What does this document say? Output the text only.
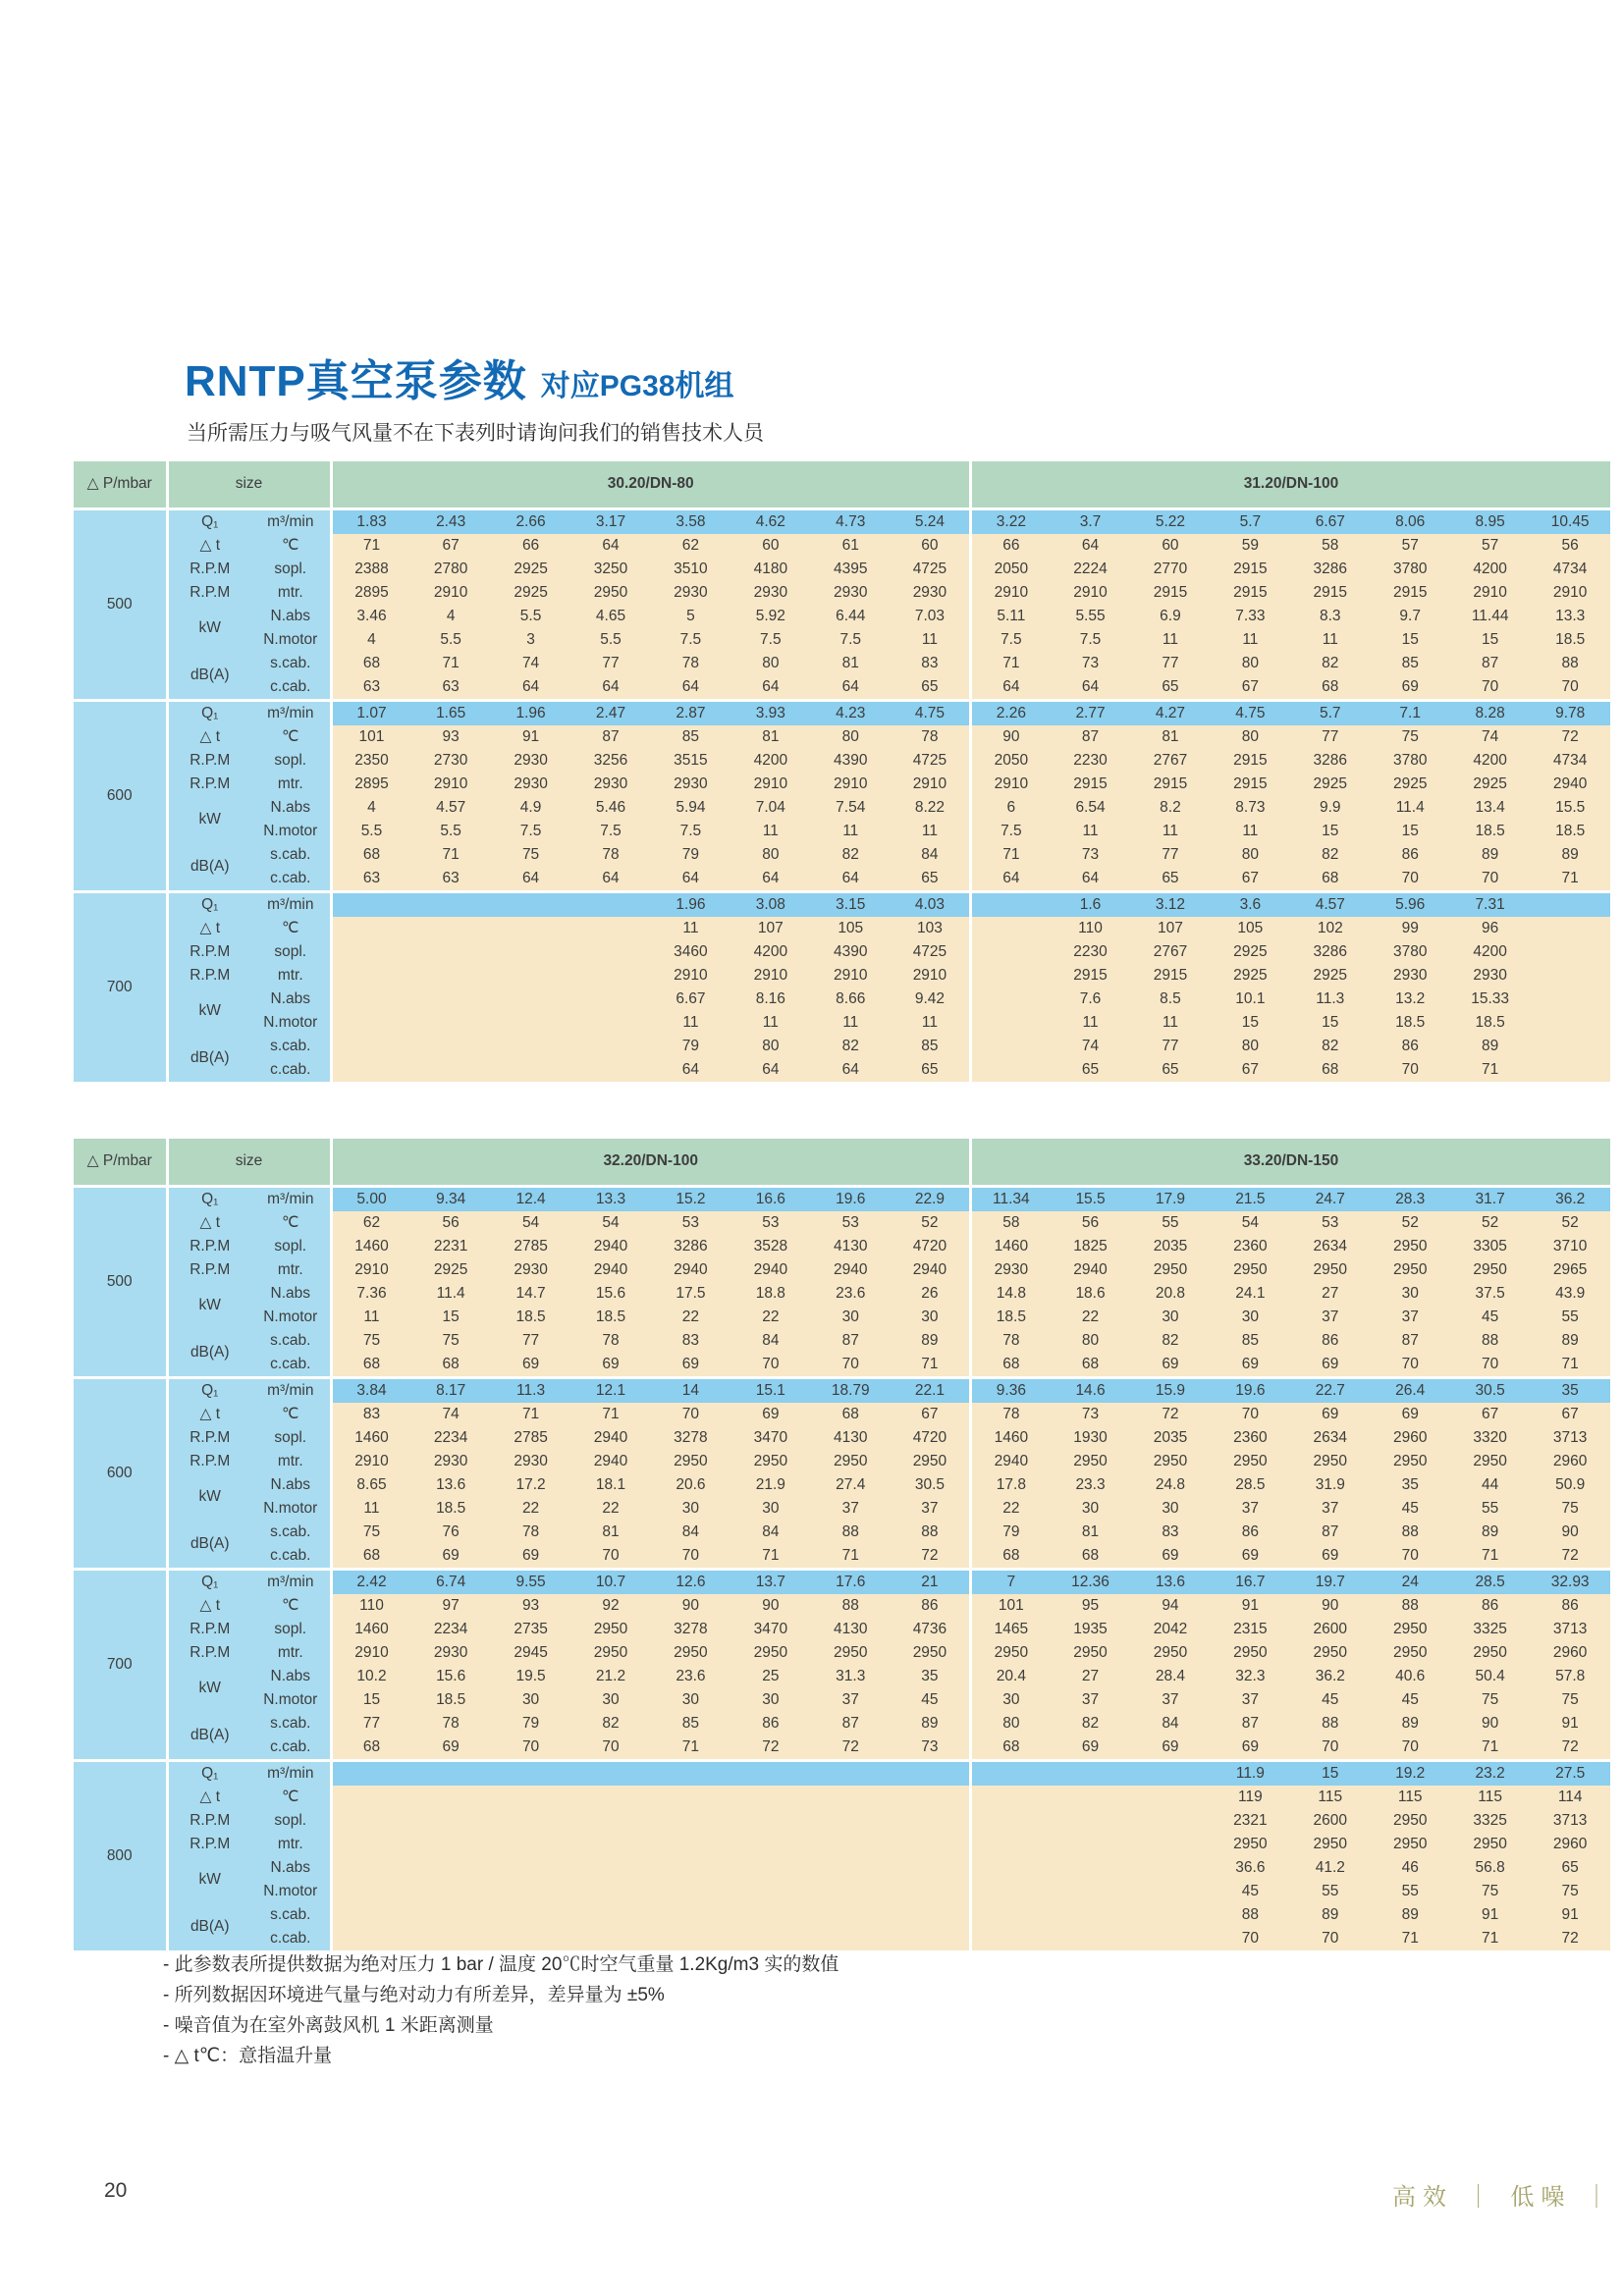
RNTP真空泵参数 对应PG38机组
当所需压力与吸气风量不在下表列时请询问我们的销售技术人员
△ P/mbar	size		30.20/DN-80								31.20/DN-100							
500	Q₁	m³/min	1.83	2.43	2.66	3.17	3.58	4.62	4.73	5.24	3.22	3.7	5.22	5.7	6.67	8.06	8.95	10.45
	△ t	℃	71	67	66	64	62	60	61	60	66	64	60	59	58	57	57	56
	R.P.M	sopl.	2388	2780	2925	3250	3510	4180	4395	4725	2050	2224	2770	2915	3286	3780	4200	4734
	R.P.M	mtr.	2895	2910	2925	2950	2930	2930	2930	2930	2910	2910	2915	2915	2915	2915	2910	2910
	kW	N.abs	3.46	4	5.5	4.65	5	5.92	6.44	7.03	5.11	5.55	6.9	7.33	8.3	9.7	11.44	13.3
		N.motor	4	5.5	3	5.5	7.5	7.5	7.5	11	7.5	7.5	11	11	11	15	15	18.5
	dB(A)	s.cab.	68	71	74	77	78	80	81	83	71	73	77	80	82	85	87	88
		c.cab.	63	63	64	64	64	64	64	65	64	64	65	67	68	69	70	70
600	Q₁	m³/min	1.07	1.65	1.96	2.47	2.87	3.93	4.23	4.75	2.26	2.77	4.27	4.75	5.7	7.1	8.28	9.78
	△ t	℃	101	93	91	87	85	81	80	78	90	87	81	80	77	75	74	72
	R.P.M	sopl.	2350	2730	2930	3256	3515	4200	4390	4725	2050	2230	2767	2915	3286	3780	4200	4734
	R.P.M	mtr.	2895	2910	2930	2930	2930	2910	2910	2910	2910	2915	2915	2915	2925	2925	2925	2940
	kW	N.abs	4	4.57	4.9	5.46	5.94	7.04	7.54	8.22	6	6.54	8.2	8.73	9.9	11.4	13.4	15.5
		N.motor	5.5	5.5	7.5	7.5	7.5	11	11	11	7.5	11	11	11	15	15	18.5	18.5
	dB(A)	s.cab.	68	71	75	78	79	80	82	84	71	73	77	80	82	86	89	89
		c.cab.	63	63	64	64	64	64	64	65	64	64	65	67	68	70	70	71
700	Q₁	m³/min					1.96	3.08	3.15	4.03		1.6	3.12	3.6	4.57	5.96	7.31	
	△ t	℃					11	107	105	103		110	107	105	102	99	96	
	R.P.M	sopl.					3460	4200	4390	4725		2230	2767	2925	3286	3780	4200	
	R.P.M	mtr.					2910	2910	2910	2910		2915	2915	2925	2925	2930	2930	
	kW	N.abs					6.67	8.16	8.66	9.42		7.6	8.5	10.1	11.3	13.2	15.33	
		N.motor					11	11	11	11		11	11	15	15	18.5	18.5	
	dB(A)	s.cab.					79	80	82	85		74	77	80	82	86	89	
		c.cab.					64	64	64	65		65	65	67	68	70	71	
△ P/mbar	size		32.20/DN-100								33.20/DN-150							
500	Q₁	m³/min	5.00	9.34	12.4	13.3	15.2	16.6	19.6	22.9	11.34	15.5	17.9	21.5	24.7	28.3	31.7	36.2
	△ t	℃	62	56	54	54	53	53	53	52	58	56	55	54	53	52	52	52
	R.P.M	sopl.	1460	2231	2785	2940	3286	3528	4130	4720	1460	1825	2035	2360	2634	2950	3305	3710
	R.P.M	mtr.	2910	2925	2930	2940	2940	2940	2940	2940	2930	2940	2950	2950	2950	2950	2950	2965
	kW	N.abs	7.36	11.4	14.7	15.6	17.5	18.8	23.6	26	14.8	18.6	20.8	24.1	27	30	37.5	43.9
		N.motor	11	15	18.5	18.5	22	22	30	30	18.5	22	30	30	37	37	45	55
	dB(A)	s.cab.	75	75	77	78	83	84	87	89	78	80	82	85	86	87	88	89
		c.cab.	68	68	69	69	69	70	70	71	68	68	69	69	69	70	70	71
600	Q₁	m³/min	3.84	8.17	11.3	12.1	14	15.1	18.79	22.1	9.36	14.6	15.9	19.6	22.7	26.4	30.5	35
	△ t	℃	83	74	71	71	70	69	68	67	78	73	72	70	69	69	67	67
	R.P.M	sopl.	1460	2234	2785	2940	3278	3470	4130	4720	1460	1930	2035	2360	2634	2960	3320	3713
	R.P.M	mtr.	2910	2930	2930	2940	2950	2950	2950	2950	2940	2950	2950	2950	2950	2950	2950	2960
	kW	N.abs	8.65	13.6	17.2	18.1	20.6	21.9	27.4	30.5	17.8	23.3	24.8	28.5	31.9	35	44	50.9
		N.motor	11	18.5	22	22	30	30	37	37	22	30	30	37	37	45	55	75
	dB(A)	s.cab.	75	76	78	81	84	84	88	88	79	81	83	86	87	88	89	90
		c.cab.	68	69	69	70	70	71	71	72	68	68	69	69	69	70	71	72
700	Q₁	m³/min	2.42	6.74	9.55	10.7	12.6	13.7	17.6	21	7	12.36	13.6	16.7	19.7	24	28.5	32.93
	△ t	℃	110	97	93	92	90	90	88	86	101	95	94	91	90	88	86	86
	R.P.M	sopl.	1460	2234	2735	2950	3278	3470	4130	4736	1465	1935	2042	2315	2600	2950	3325	3713
	R.P.M	mtr.	2910	2930	2945	2950	2950	2950	2950	2950	2950	2950	2950	2950	2950	2950	2950	2960
	kW	N.abs	10.2	15.6	19.5	21.2	23.6	25	31.3	35	20.4	27	28.4	32.3	36.2	40.6	50.4	57.8
		N.motor	15	18.5	30	30	30	30	37	45	30	37	37	37	45	45	75	75
	dB(A)	s.cab.	77	78	79	82	85	86	87	89	80	82	84	87	88	89	90	91
		c.cab.	68	69	70	70	71	72	72	73	68	69	69	69	70	70	71	72
800	Q₁	m³/min												11.9	15	19.2	23.2	27.5
	△ t	℃												119	115	115	115	114
	R.P.M	sopl.												2321	2600	2950	3325	3713
	R.P.M	mtr.												2950	2950	2950	2950	2960
	kW	N.abs												36.6	41.2	46	56.8	65
		N.motor												45	55	55	75	75
	dB(A)	s.cab.												88	89	89	91	91
		c.cab.												70	70	71	71	72
- 此参数表所提供数据为绝对压力 1 bar / 温度 20℃时空气重量 1.2Kg/m3 实的数值
- 所列数据因环境进气量与绝对动力有所差异，差异量为 ±5%
- 噪音值为在室外离鼓风机 1 米距离测量
- △ t℃：意指温升量
20	高效 ｜ 低噪 ｜
